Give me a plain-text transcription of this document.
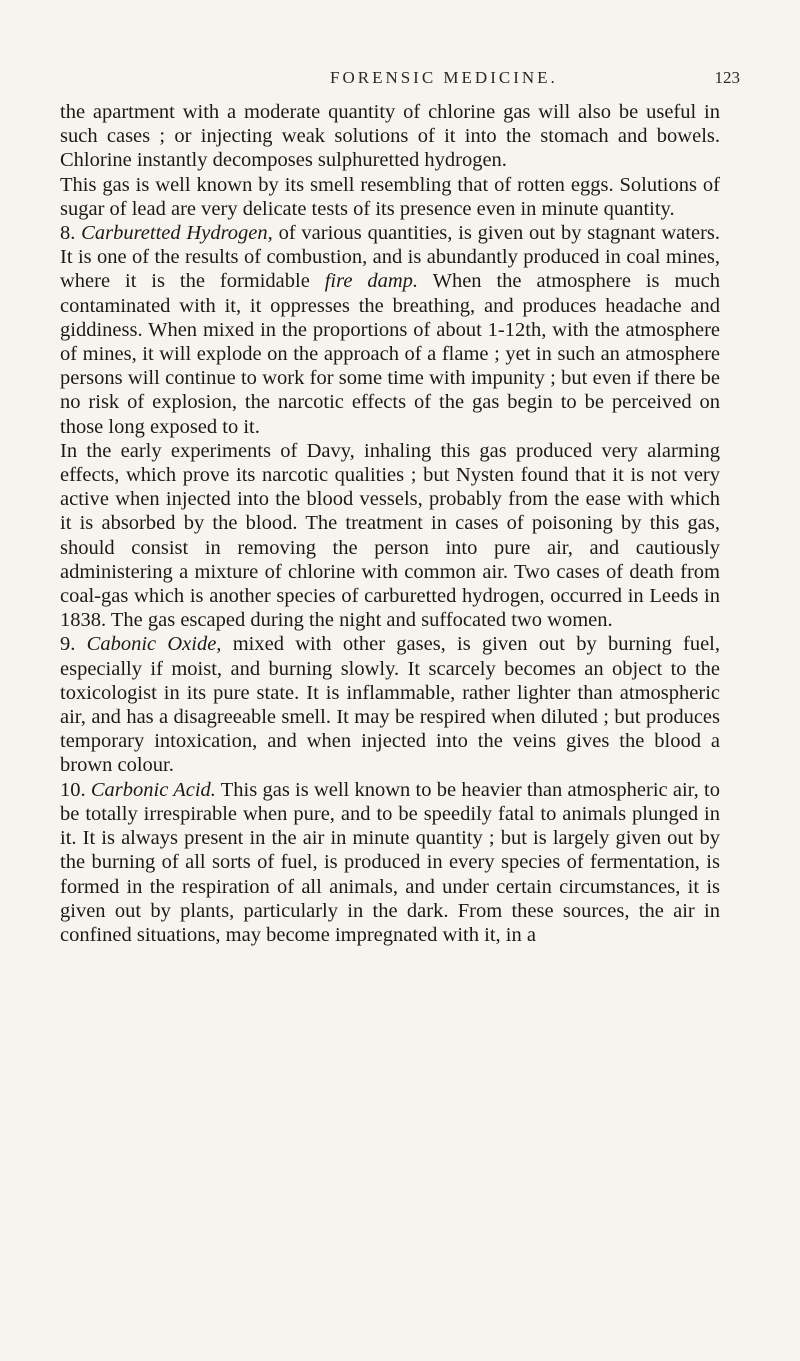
FORENSIC MEDICINE.	123

the apartment with a moderate quantity of chlorine gas will also be useful in such cases ; or injecting weak solutions of it into the stomach and bowels. Chlorine instantly decomposes sulphuretted hydrogen.

This gas is well known by its smell resembling that of rotten eggs. Solutions of sugar of lead are very delicate tests of its presence even in minute quantity.

8. Carburetted Hydrogen, of various quantities, is given out by stagnant waters. It is one of the results of combustion, and is abundantly produced in coal mines, where it is the formidable fire damp. When the atmosphere is much contaminated with it, it oppresses the breathing, and produces headache and giddiness. When mixed in the proportions of about 1-12th, with the atmosphere of mines, it will explode on the approach of a flame ; yet in such an atmosphere persons will continue to work for some time with impunity ; but even if there be no risk of explosion, the narcotic effects of the gas begin to be perceived on those long exposed to it.

In the early experiments of Davy, inhaling this gas produced very alarming effects, which prove its narcotic qualities ; but Nysten found that it is not very active when injected into the blood vessels, probably from the ease with which it is absorbed by the blood. The treatment in cases of poisoning by this gas, should consist in removing the person into pure air, and cautiously administering a mixture of chlorine with common air. Two cases of death from coal-gas which is another species of carburetted hydrogen, occurred in Leeds in 1838. The gas escaped during the night and suffocated two women.

9. Cabonic Oxide, mixed with other gases, is given out by burning fuel, especially if moist, and burning slowly. It scarcely becomes an object to the toxicologist in its pure state. It is inflammable, rather lighter than atmospheric air, and has a disagreeable smell. It may be respired when diluted ; but produces temporary intoxication, and when injected into the veins gives the blood a brown colour.

10. Carbonic Acid. This gas is well known to be heavier than atmospheric air, to be totally irrespirable when pure, and to be speedily fatal to animals plunged in it. It is always present in the air in minute quantity ; but is largely given out by the burning of all sorts of fuel, is produced in every species of fermentation, is formed in the respiration of all animals, and under certain circumstances, it is given out by plants, particularly in the dark. From these sources, the air in confined situations, may become impregnated with it, in a
